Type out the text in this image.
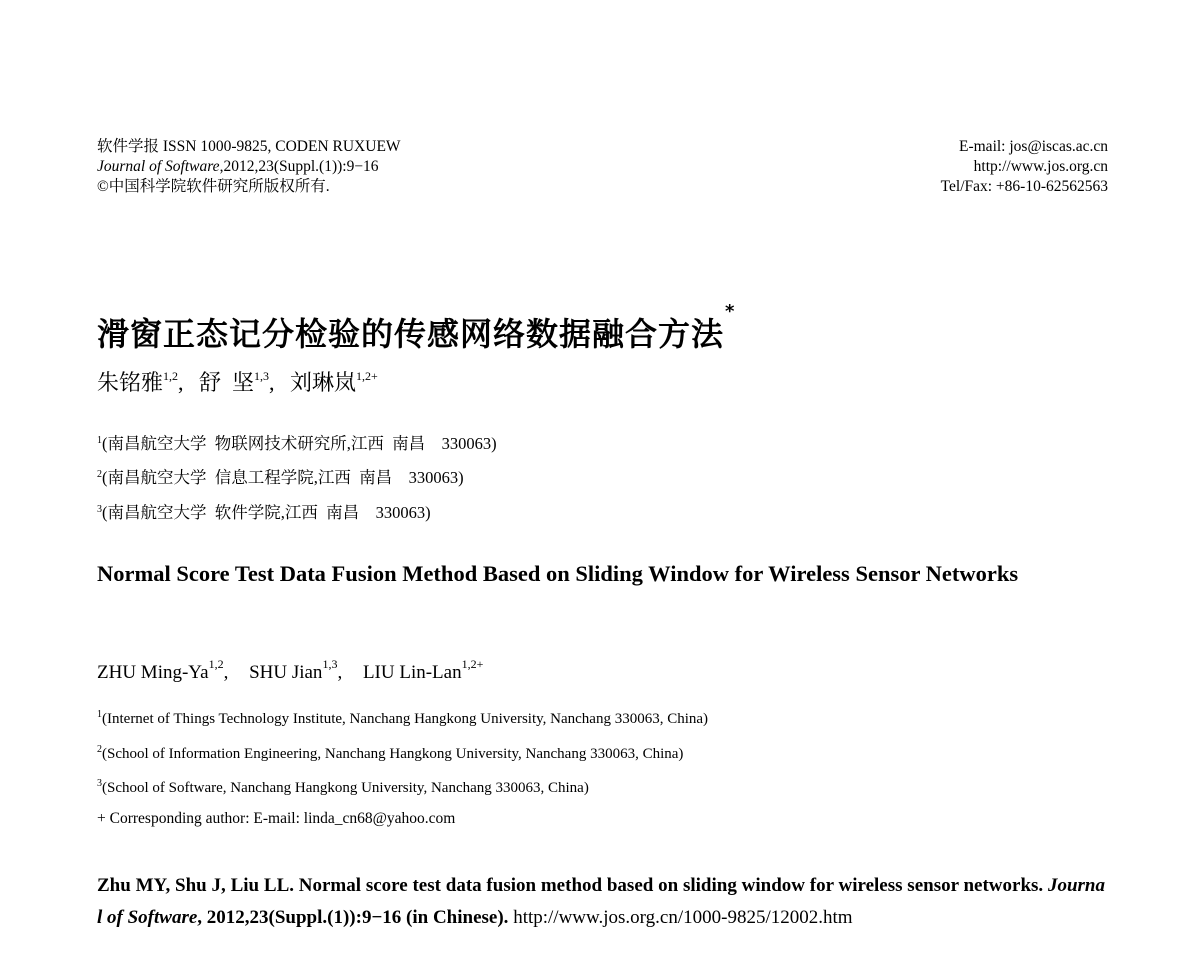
软件学报 ISSN 1000-9825, CODEN RUXUEW
Journal of Software,2012,23(Suppl.(1)):9−16
©中国科学院软件研究所版权所有.
E-mail: jos@iscas.ac.cn
http://www.jos.org.cn
Tel/Fax: +86-10-62562563
滑窗正态记分检验的传感网络数据融合方法*
朱铭雅$^{1,2}$, 舒  坚$^{1,3}$, 刘琳岚$^{1,2+}$
$^1$(南昌航空大学  物联网技术研究所,江西  南昌    330063)
$^2$(南昌航空大学  信息工程学院,江西  南昌    330063)
$^3$(南昌航空大学  软件学院,江西  南昌    330063)
Normal Score Test Data Fusion Method Based on Sliding Window for Wireless Sensor Networks
ZHU Ming-Ya$^{1,2}$, SHU Jian$^{1,3}$, LIU Lin-Lan$^{1,2+}$
$^1$(Internet of Things Technology Institute, Nanchang Hangkong University, Nanchang 330063, China)
$^2$(School of Information Engineering, Nanchang Hangkong University, Nanchang 330063, China)
$^3$(School of Software, Nanchang Hangkong University, Nanchang 330063, China)
+ Corresponding author: E-mail: linda_cn68@yahoo.com
Zhu MY, Shu J, Liu LL. Normal score test data fusion method based on sliding window for wireless sensor networks. Journal of Software, 2012,23(Suppl.(1)):9−16 (in Chinese). http://www.jos.org.cn/1000-9825/12002.htm
